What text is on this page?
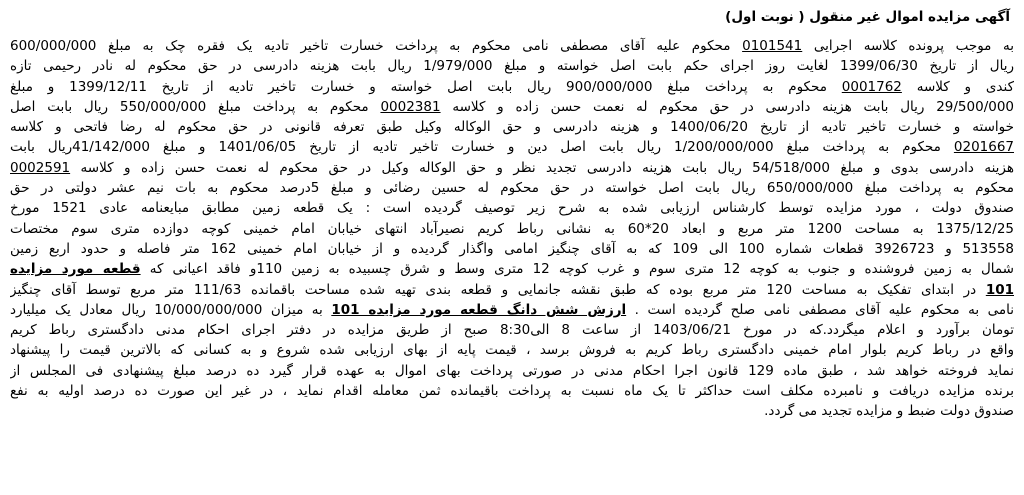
آگهی مزایده اموال غیر منقول ( نوبت اول)
به موجب پرونده کلاسه اجرایی 0101541 محکوم علیه آقای مصطفی نامی محکوم به پرداخت خسارت تاخیر تادیه یک فقره چک به مبلغ 600/000/000
ریال از تاریخ 1399/06/30 لغایت روز اجرای حکم بابت اصل خواسته و مبلغ 1/979/000 ریال بابت هزینه دادرسی در حق محکوم له نادر رحیمی تازه
کندی و کلاسه 0001762 محکوم به پرداخت مبلغ 900/000/000 ریال بابت اصل خواسته و خسارت تاخیر تادیه از تاریخ 1399/12/11 و مبلغ
29/500/000 ریال بابت هزینه دادرسی در حق محکوم له نعمت حسن زاده و کلاسه 0002381 محکوم به پرداخت مبلغ 550/000/000 ریال بابت اصل
خواسته و خسارت تاخیر تادیه از تاریخ 1400/06/20 و هزینه دادرسی و حق الوکاله وکیل طبق تعرفه قانونی در حق محکوم له رضا فاتحی و کلاسه
0201667 محکوم به پرداخت مبلغ 1/200/000/000 ریال بابت اصل دین و خسارت تاخیر تادیه از تاریخ 1401/06/05 و مبلغ 41/142/000ریال بابت
هزینه دادرسی بدوی و مبلغ 54/518/000 ریال بابت هزینه دادرسی تجدید نظر و حق الوکاله وکیل در حق محکوم له نعمت حسن زاده و کلاسه 0002591
محکوم به پرداخت مبلغ 650/000/000 ریال بابت اصل خواسته در حق محکوم له حسین رضائی و مبلغ 5درصد محکوم به بات نیم عشر دولتی در حق
صندوق دولت ، مورد مزایده توسط کارشناس ارزیابی شده به شرح زیر توصیف گردیده است : یک قطعه زمین مطابق مبایعنامه عادی 1521 مورخ
1375/12/25 به مساحت 1200 متر مربع و ابعاد 20*60 به نشانی رباط کریم نصیرآباد انتهای خیابان امام خمینی کوچه دوازده متری سوم مختصات
513558 و 3926723 قطعات شماره 100 الی 109 که به آقای چنگیز امامی واگذار گردیده و از خیابان امام خمینی 162 متر فاصله و حدود اربع زمین
شمال به زمین فروشنده و جنوب به کوچه 12 متری سوم و غرب کوچه 12 متری وسط و شرق چسبیده به زمین 110و فاقد اعیانی که قطعه مورد مزایده
101 در ابتدای تفکیک به مساحت 120 متر مربع بوده که طبق نقشه جانمایی و قطعه بندی تهیه شده مساحت باقمانده 111/63 متر مربع توسط آقای چنگیز
نامی به محکوم علیه آقای مصطفی نامی صلح گردیده است . ارزش شش دانگ قطعه مورد مزایده 101 به میزان 10/000/000/000 ریال معادل یک میلیارد
تومان برآورد و اعلام میگردد.که در مورخ 1403/06/21 از ساعت 8 الی8:30 صبح از طریق مزایده در دفتر اجرای احکام مدنی دادگستری رباط کریم
واقع در رباط کریم بلوار امام خمینی دادگستری رباط کریم به فروش برسد ، قیمت پایه از بهای ارزیابی شده شروع و به کسانی که بالاترین قیمت را پیشنهاد
نماید فروخته خواهد شد ، طبق ماده 129 قانون اجرا احکام مدنی در صورتی پرداخت بهای اموال به عهده قرار گیرد ده درصد مبلغ پیشنهادی فی المجلس از
برنده مزایده دریافت و نامبرده مکلف است حداکثر تا یک ماه نسبت به پرداخت باقیمانده ثمن معامله اقدام نماید ، در غیر این صورت ده درصد اولیه به نفع
صندوق دولت ضبط و مزایده تجدید می گردد.
